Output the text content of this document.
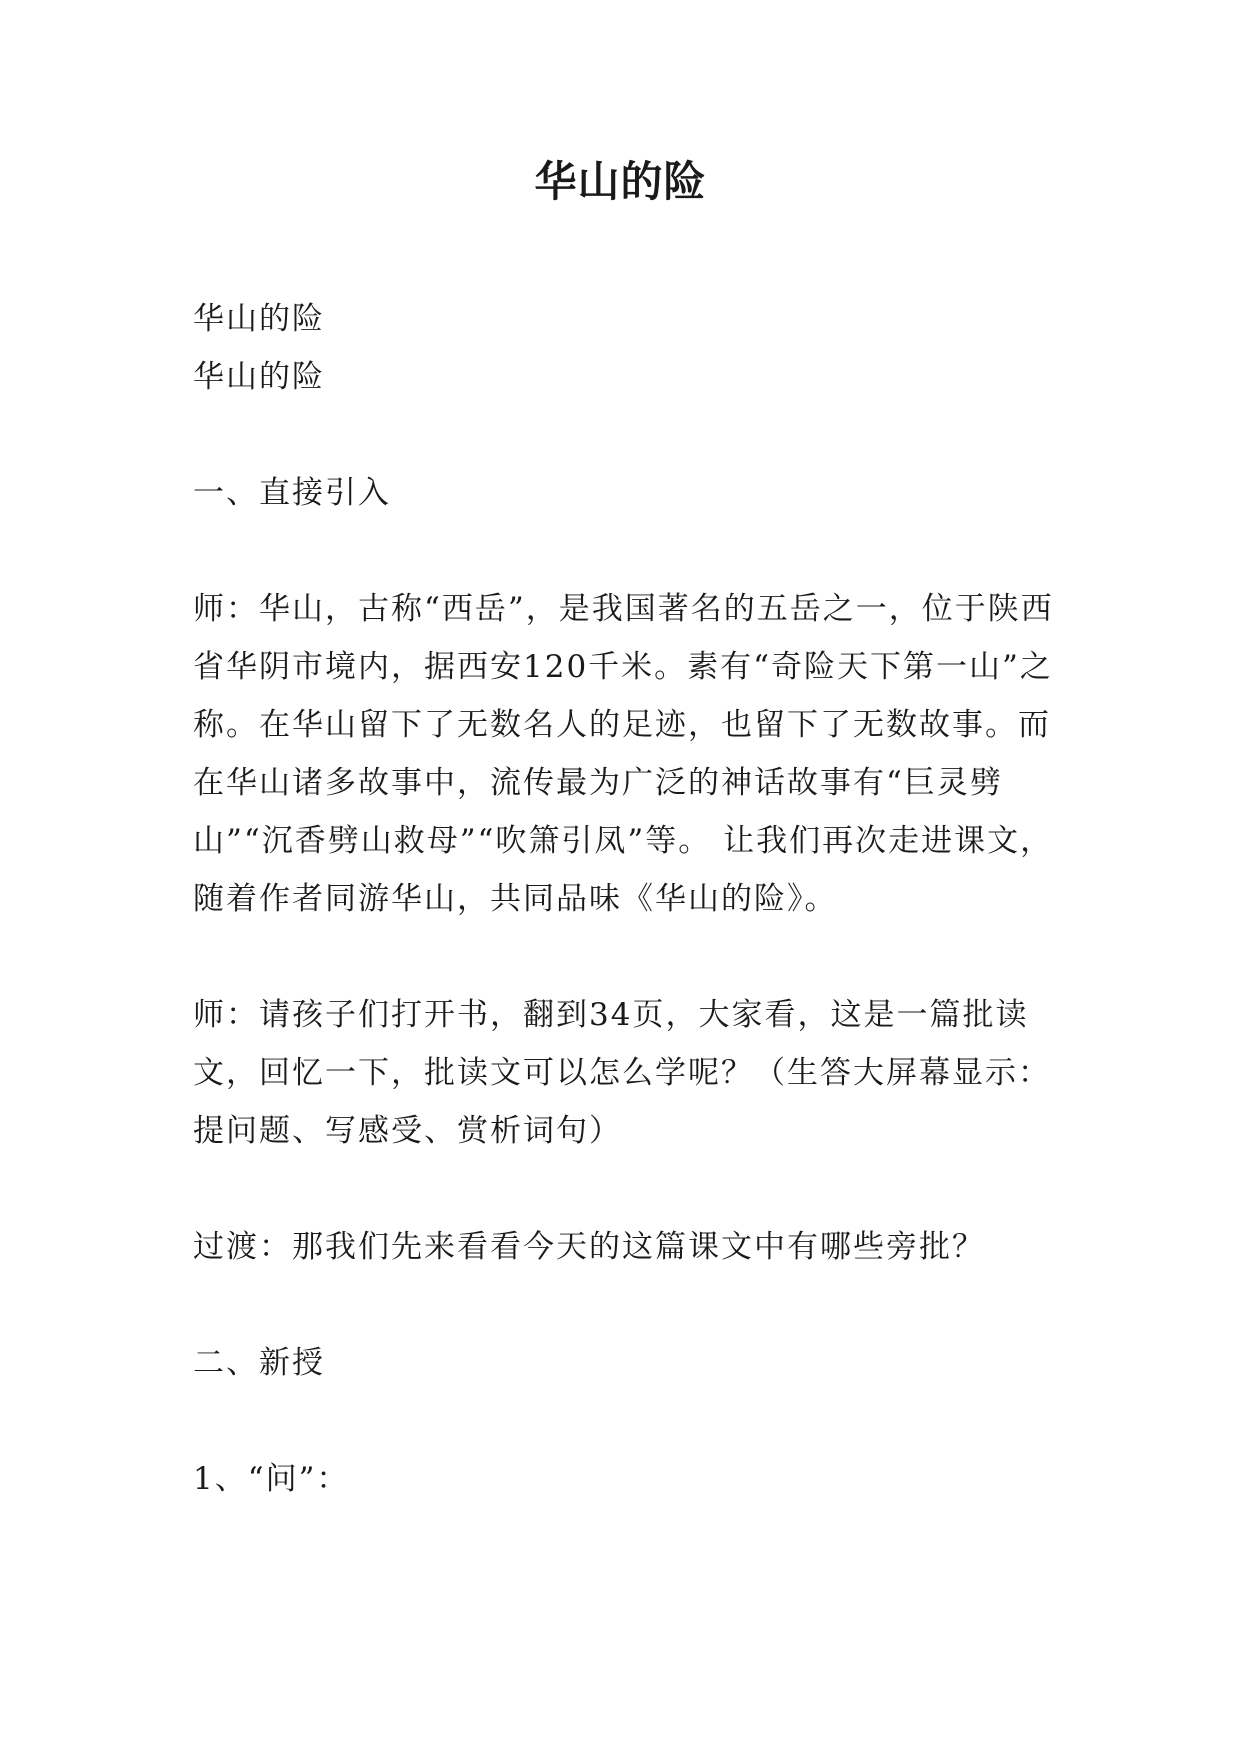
华山的险

华山的险

华山的险

一、直接引入

师：华山，古称“西岳”，是我国著名的五岳之一，位于陕西省华阴市境内，据西安120千米。素有“奇险天下第一山”之称。在华山留下了无数名人的足迹，也留下了无数故事。而在华山诸多故事中，流传最为广泛的神话故事有“巨灵劈山”“沉香劈山救母”“吹箫引凤”等。 让我们再次走进课文，随着作者同游华山，共同品味《华山的险》。

师：请孩子们打开书，翻到34页，大家看，这是一篇批读文，回忆一下，批读文可以怎么学呢？（生答大屏幕显示：提问题、写感受、赏析词句）

过渡：那我们先来看看今天的这篇课文中有哪些旁批？

二、新授

1、“问”：
